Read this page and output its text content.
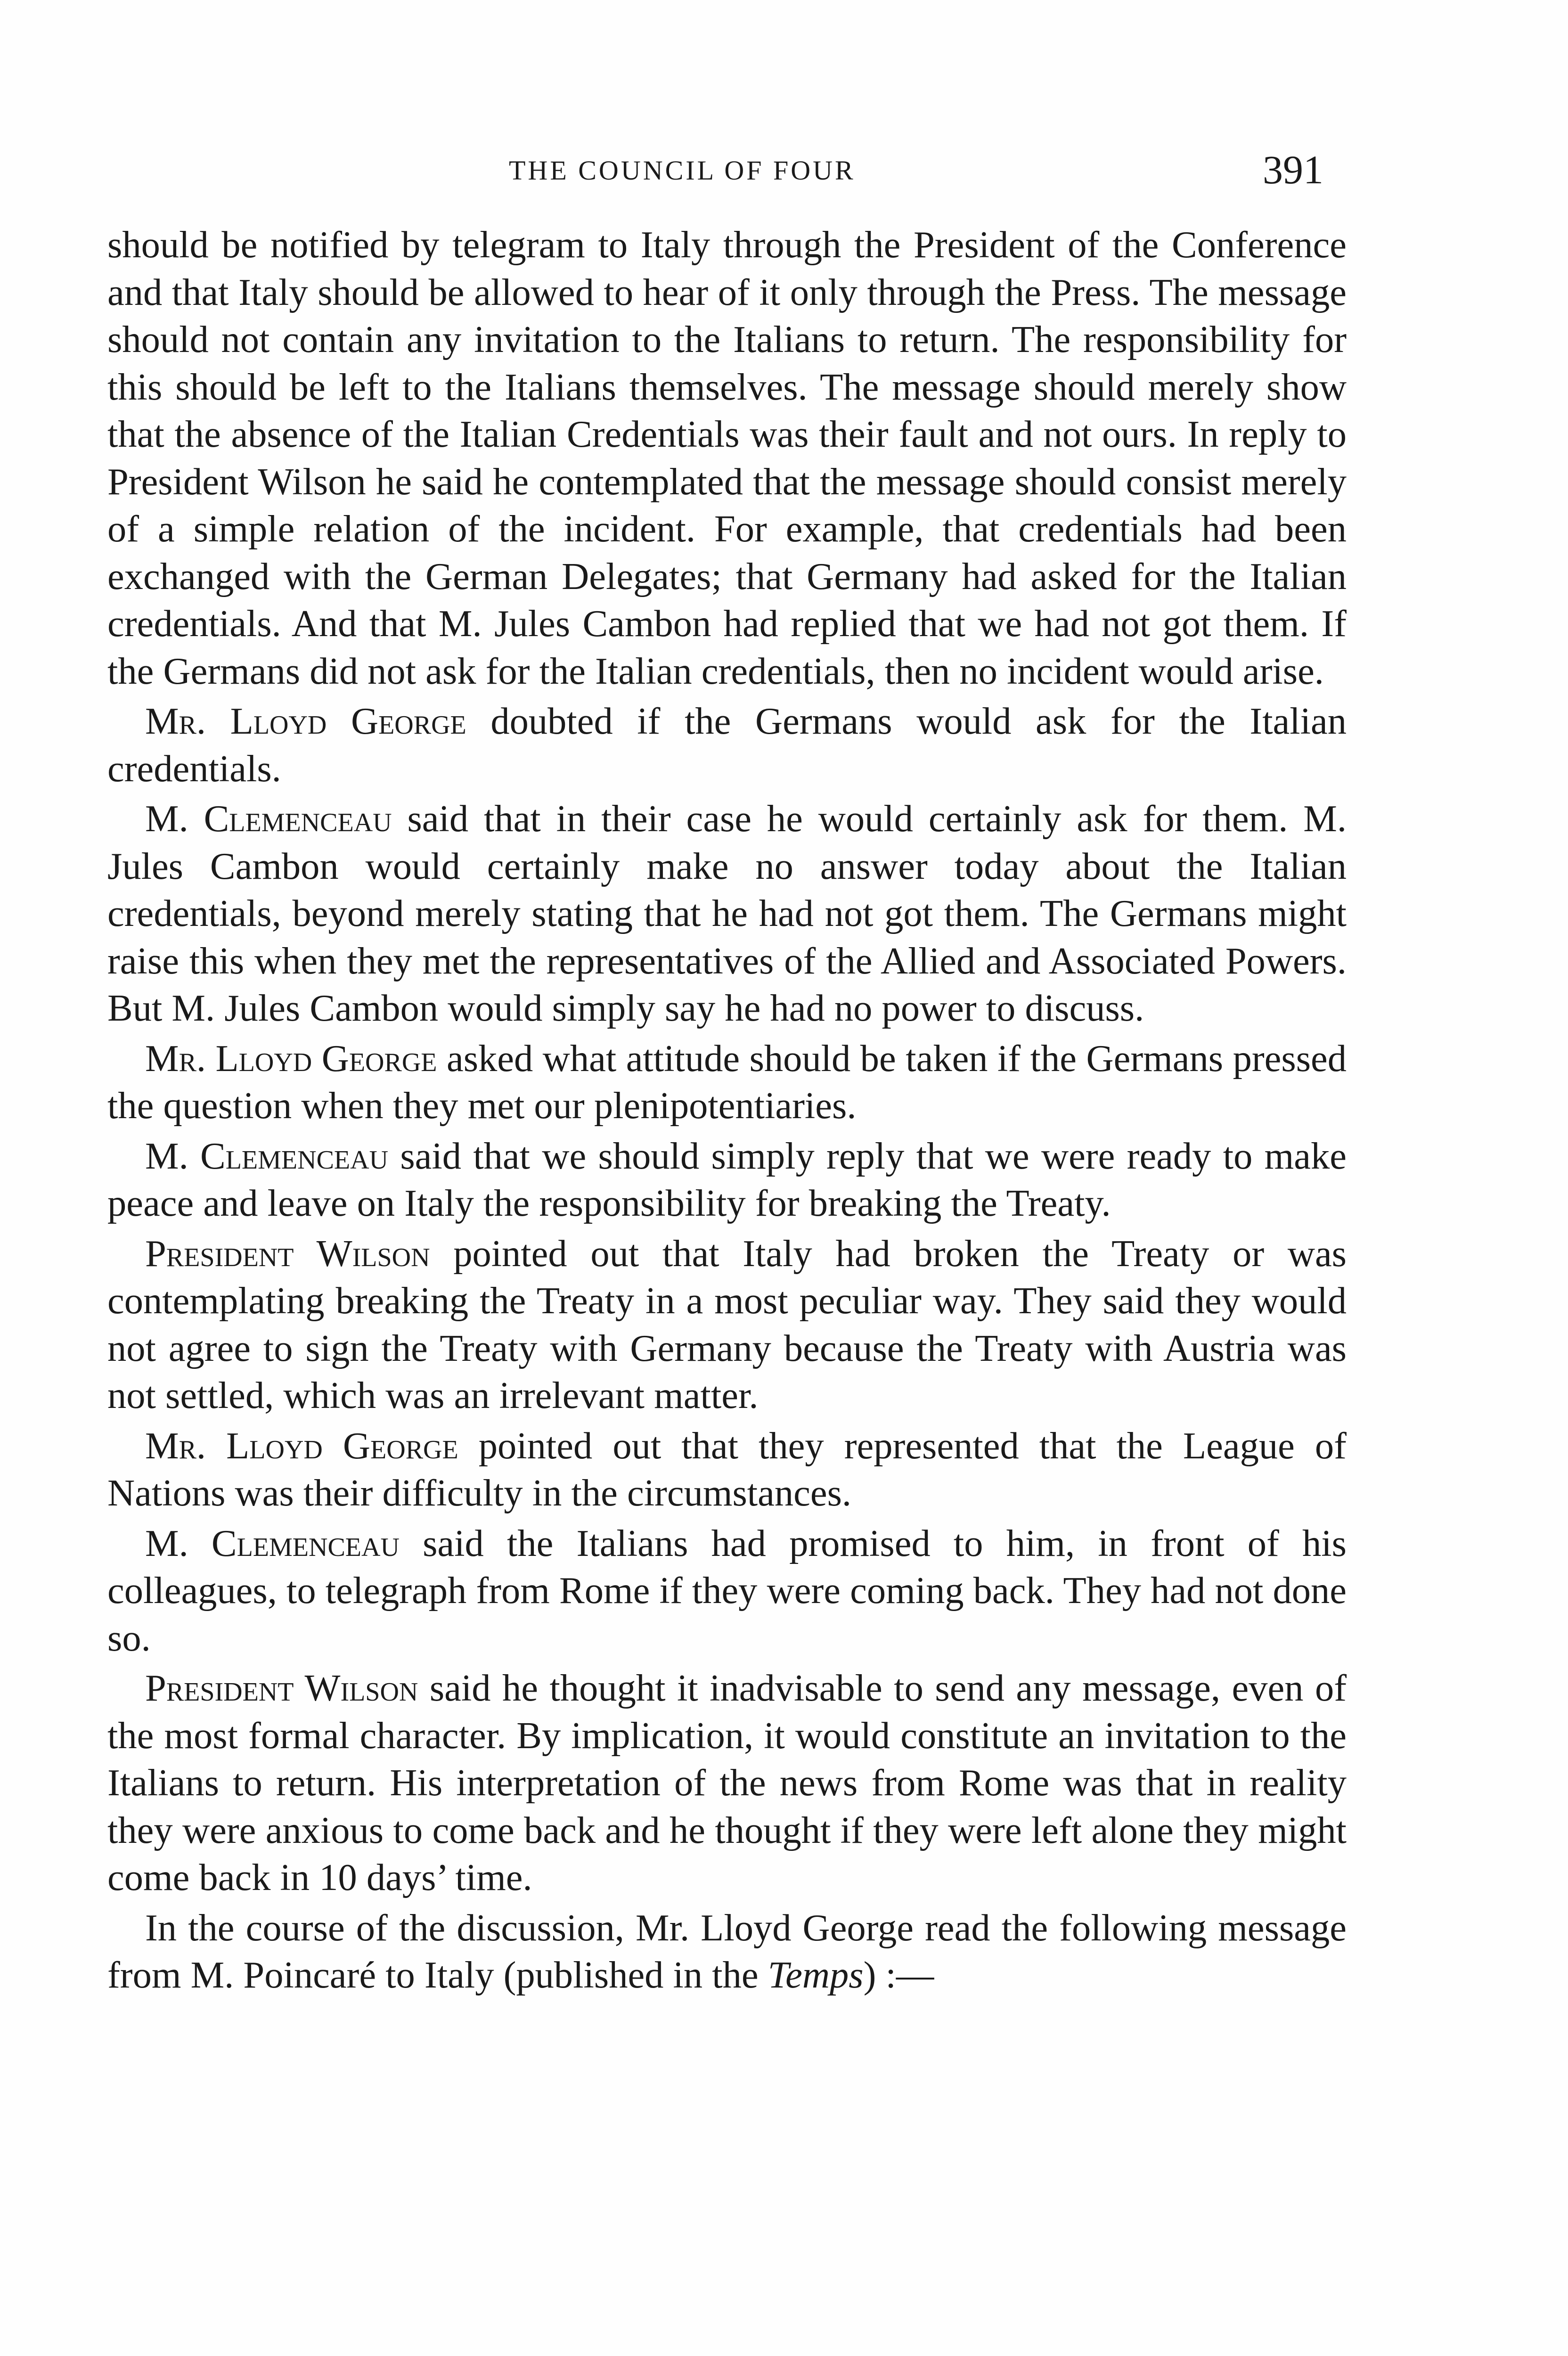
THE COUNCIL OF FOUR	391

should be notified by telegram to Italy through the President of the Conference and that Italy should be allowed to hear of it only through the Press. The message should not contain any invitation to the Italians to return. The responsibility for this should be left to the Italians themselves. The message should merely show that the absence of the Italian Credentials was their fault and not ours. In reply to President Wilson he said he contemplated that the message should consist merely of a simple relation of the incident. For example, that credentials had been exchanged with the German Delegates; that Germany had asked for the Italian credentials. And that M. Jules Cambon had replied that we had not got them. If the Germans did not ask for the Italian credentials, then no incident would arise.

Mr. Lloyd George doubted if the Germans would ask for the Italian credentials.

M. Clemenceau said that in their case he would certainly ask for them. M. Jules Cambon would certainly make no answer today about the Italian credentials, beyond merely stating that he had not got them. The Germans might raise this when they met the representatives of the Allied and Associated Powers. But M. Jules Cambon would simply say he had no power to discuss.

Mr. Lloyd George asked what attitude should be taken if the Germans pressed the question when they met our plenipotentiaries.

M. Clemenceau said that we should simply reply that we were ready to make peace and leave on Italy the responsibility for breaking the Treaty.

President Wilson pointed out that Italy had broken the Treaty or was contemplating breaking the Treaty in a most peculiar way. They said they would not agree to sign the Treaty with Germany because the Treaty with Austria was not settled, which was an irrelevant matter.

Mr. Lloyd George pointed out that they represented that the League of Nations was their difficulty in the circumstances.

M. Clemenceau said the Italians had promised to him, in front of his colleagues, to telegraph from Rome if they were coming back. They had not done so.

President Wilson said he thought it inadvisable to send any message, even of the most formal character. By implication, it would constitute an invitation to the Italians to return. His interpretation of the news from Rome was that in reality they were anxious to come back and he thought if they were left alone they might come back in 10 days’ time.

In the course of the discussion, Mr. Lloyd George read the following message from M. Poincaré to Italy (published in the Temps) :—
